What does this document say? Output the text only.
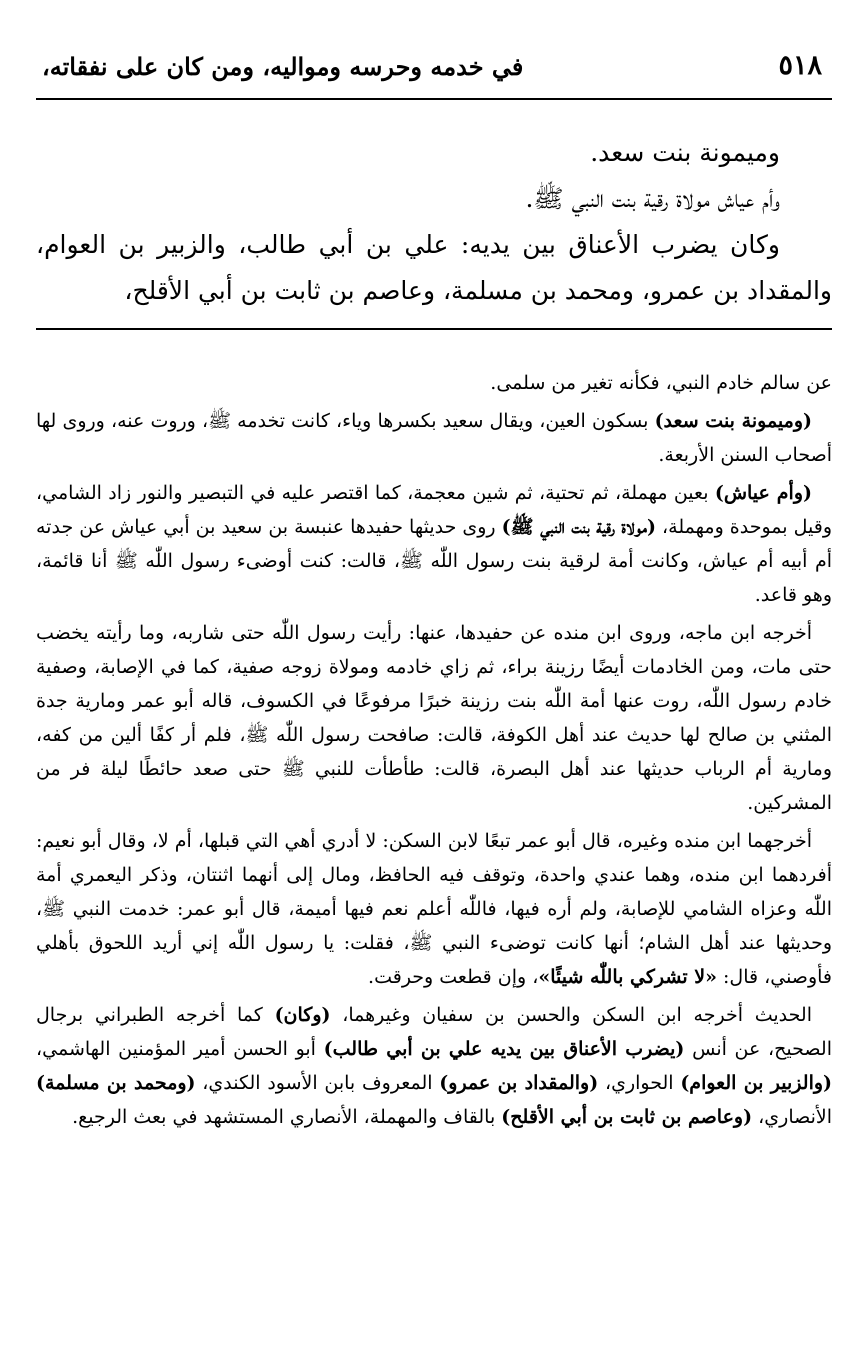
٥١٨
في خدمه وحرسه ومواليه، ومن كان على نفقاته،

وميمونة بنت سعد.

وأم عياش مولاة رقية بنت النبي ﷺ.

وكان يضرب الأعناق بين يديه: علي بن أبي طالب، والزبير بن العوام، والمقداد بن عمرو، ومحمد بن مسلمة، وعاصم بن ثابت بن أبي الأقلح،

عن سالم خادم النبي، فكأنه تغير من سلمى.

(وميمونة بنت سعد) بسكون العين، ويقال سعيد بكسرها وياء، كانت تخدمه ﷺ، وروت عنه، وروى لها أصحاب السنن الأربعة.

(وأم عياش) بعين مهملة، ثم تحتية، ثم شين معجمة، كما اقتصر عليه في التبصير والنور زاد الشامي، وقيل بموحدة ومهملة، (مولاة رقية بنت النبي ﷺ) روى حديثها حفيدها عنبسة بن سعيد بن أبي عياش عن جدته أم أبيه أم عياش، وكانت أمة لرقية بنت رسول اللّٰه ﷺ، قالت: كنت أوضىء رسول اللّٰه ﷺ أنا قائمة، وهو قاعد.

أخرجه ابن ماجه، وروى ابن منده عن حفيدها، عنها: رأيت رسول اللّٰه حتى شاربه، وما رأيته يخضب حتى مات، ومن الخادمات أيضًا رزينة براء، ثم زاي خادمه ومولاة زوجه صفية، كما في الإصابة، وصفية خادم رسول اللّٰه، روت عنها أمة اللّٰه بنت رزينة خبرًا مرفوعًا في الكسوف، قاله أبو عمر ومارية جدة المثني بن صالح لها حديث عند أهل الكوفة، قالت: صافحت رسول اللّٰه ﷺ، فلم أر كفًا ألين من كفه، ومارية أم الرباب حديثها عند أهل البصرة، قالت: طأطأت للنبي ﷺ حتى صعد حائطًا ليلة فر من المشركين.

أخرجهما ابن منده وغيره، قال أبو عمر تبعًا لابن السكن: لا أدري أهي التي قبلها، أم لا، وقال أبو نعيم: أفردهما ابن منده، وهما عندي واحدة، وتوقف فيه الحافظ، ومال إلى أنهما اثنتان، وذكر اليعمري أمة اللّٰه وعزاه الشامي للإصابة، ولم أره فيها، فاللّٰه أعلم نعم فيها أميمة، قال أبو عمر: خدمت النبي ﷺ، وحديثها عند أهل الشام؛ أنها كانت توضىء النبي ﷺ، فقلت: يا رسول اللّٰه إني أريد اللحوق بأهلي فأوصني، قال: «لا تشركي باللّٰه شيئًا»، وإن قطعت وحرقت.

الحديث أخرجه ابن السكن والحسن بن سفيان وغيرهما، (وكان) كما أخرجه الطبراني برجال الصحيح، عن أنس (يضرب الأعناق بين يديه علي بن أبي طالب) أبو الحسن أمير المؤمنين الهاشمي، (والزبير بن العوام) الحواري، (والمقداد بن عمرو) المعروف بابن الأسود الكندي، (ومحمد بن مسلمة) الأنصاري، (وعاصم بن ثابت بن أبي الأقلح) بالقاف والمهملة، الأنصاري المستشهد في بعث الرجيع.
